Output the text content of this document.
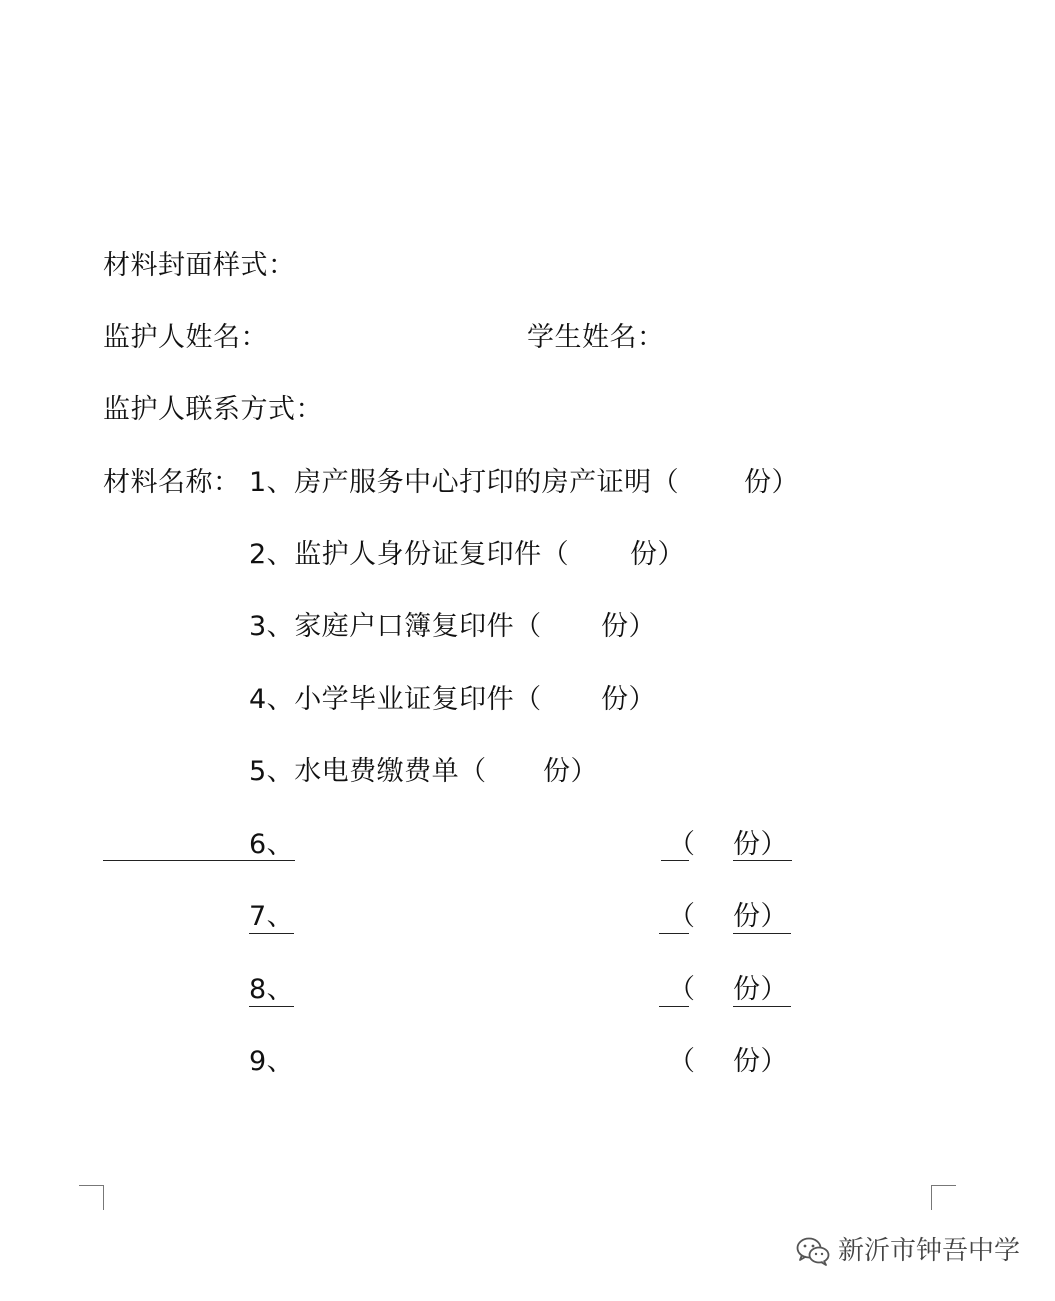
材料封面样式：
监护人姓名：	学生姓名：
监护人联系方式：
材料名称： 1、房产服务中心打印的房产证明（ 份）
2、监护人身份证复印件（ 份）
3、家庭户口簿复印件（ 份）
4、小学毕业证复印件（ 份）
5、水电费缴费单（ 份）
6、	（ 份）
7、	（ 份）
8、	（ 份）
9、	（ 份）
新沂市钟吾中学
